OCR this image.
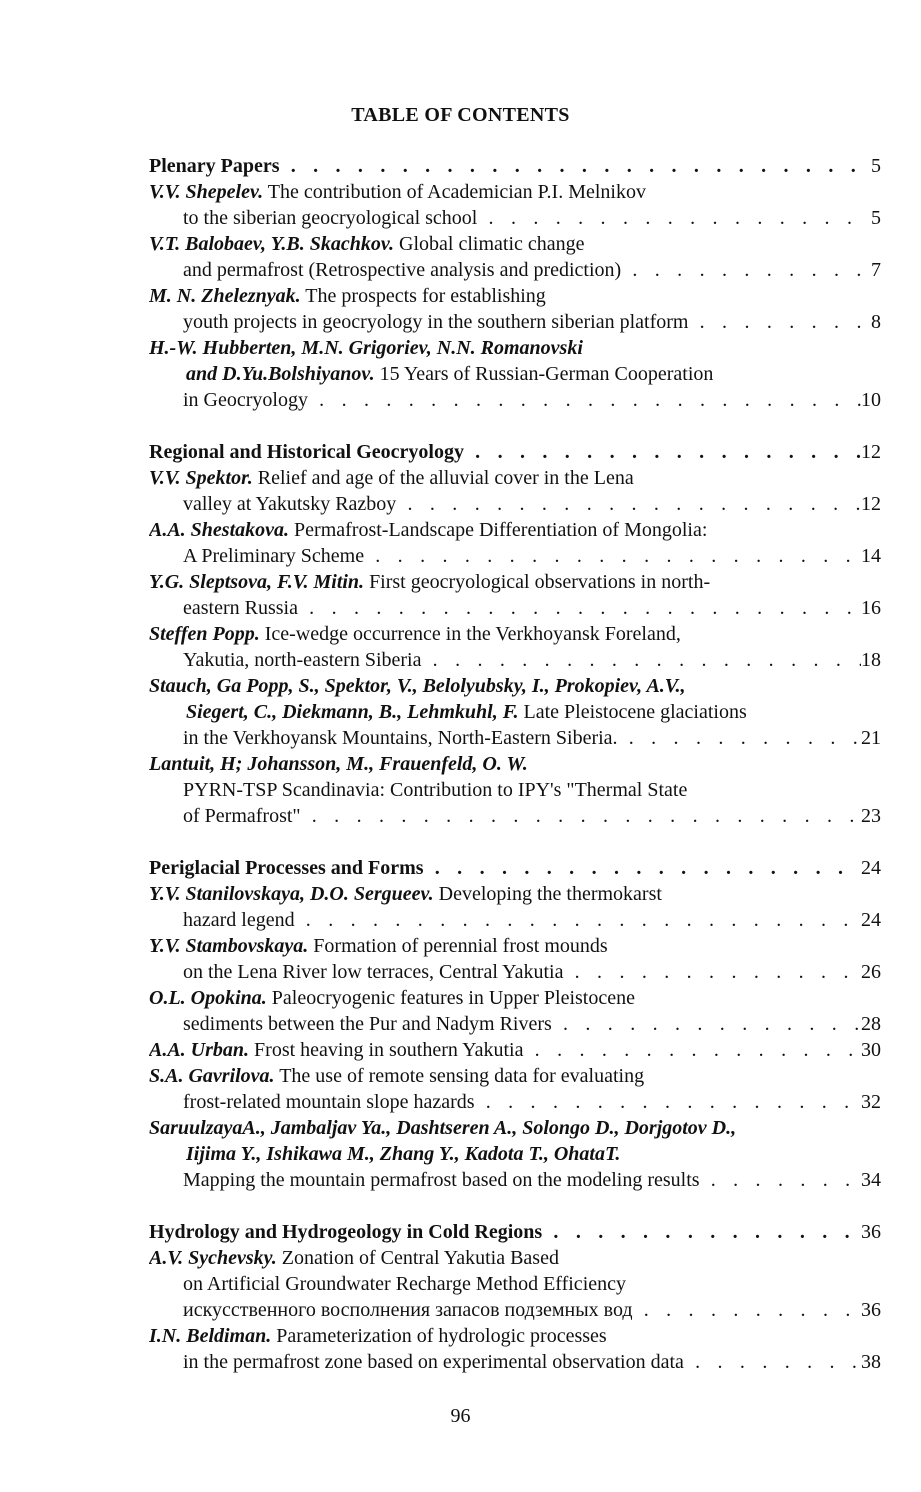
TABLE OF CONTENTS
Plenary Papers . .	5
V.V. Shepelev. The contribution of Academician P.I. Melnikov
to the siberian geocryological school . .	5
V.T. Balobaev, Y.B. Skachkov. Global climatic change
and permafrost (Retrospective analysis and prediction) . .	7
M. N. Zheleznyak. The prospects for establishing
youth projects in geocryology in the southern siberian platform . .	8
H.-W. Hubberten, M.N. Grigoriev, N.N. Romanovski
and D.Yu.Bolshiyanov. 15 Years of Russian-German Cooperation
in Geocryology . .	10
Regional and Historical Geocryology . .	12
V.V. Spektor. Relief and age of the alluvial cover in the Lena
valley at Yakutsky Razboy . .	12
A.A. Shestakova. Permafrost-Landscape Differentiation of Mongolia:
A Preliminary Scheme . .	14
Y.G. Sleptsova, F.V. Mitin. First geocryological observations in north-
eastern Russia . .	16
Steffen Popp. Ice-wedge occurrence in the Verkhoyansk Foreland,
Yakutia, north-eastern Siberia . .	18
Stauch, Ga Popp, S., Spektor, V., Belolyubsky, I., Prokopiev, A.V.,
Siegert, C., Diekmann, B., Lehmkuhl, F. Late Pleistocene glaciations
in the Verkhoyansk Mountains, North-Eastern Siberia. . .	21
Lantuit, H; Johansson, M., Frauenfeld, O. W.
PYRN-TSP Scandinavia: Contribution to IPY's "Thermal State
of Permafrost" . .	23
Periglacial Processes and Forms . .	24
Y.V. Stanilovskaya, D.O. Sergueev. Developing the thermokarst
hazard legend . .	24
Y.V. Stambovskaya. Formation of perennial frost mounds
on the Lena River low terraces, Central Yakutia . .	26
O.L. Opokina. Paleocryogenic features in Upper Pleistocene
sediments between the Pur and Nadym Rivers . .	28
A.A. Urban. Frost heaving in southern Yakutia . .	30
S.A. Gavrilova. The use of remote sensing data for evaluating
frost-related mountain slope hazards . .	32
SaruulzayaA., Jambaljav Ya., Dashtseren A., Solongo D., Dorjgotov D.,
Iijima Y., Ishikawa M., Zhang Y., Kadota T., OhataT.
Mapping the mountain permafrost based on the modeling results . .	34
Hydrology and Hydrogeology in Cold Regions . .	36
A.V. Sychevsky. Zonation of Central Yakutia Based
on Artificial Groundwater Recharge Method Efficiency
искусственного восполнения запасов подземных вод . .	36
I.N. Beldiman. Parameterization of hydrologic processes
in the permafrost zone based on experimental observation data . .	38
96
